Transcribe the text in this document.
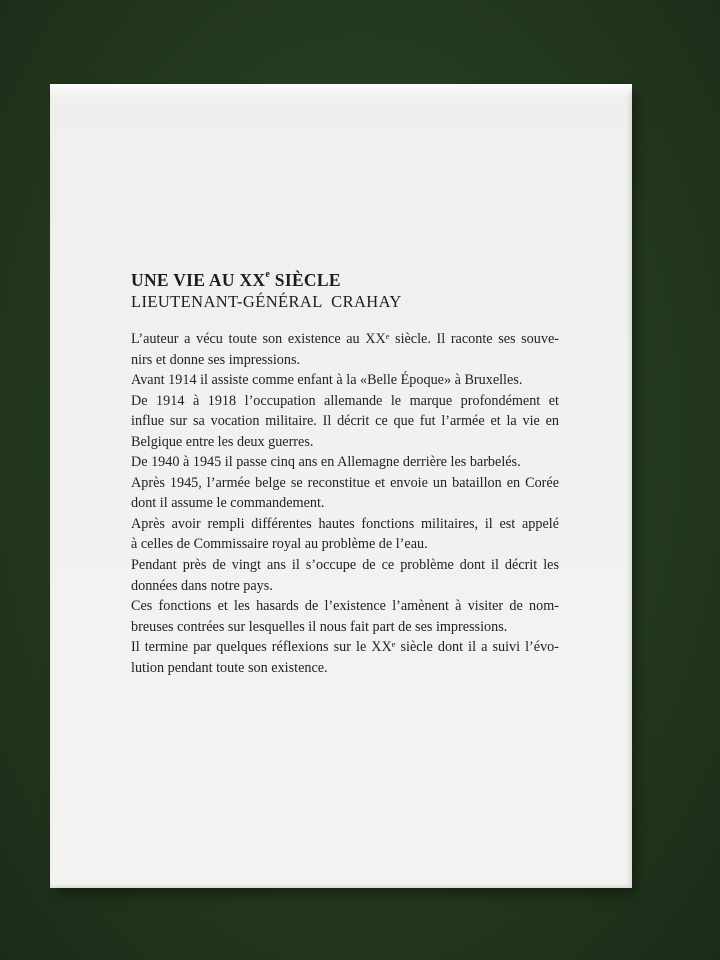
UNE VIE AU XXe SIÈCLE
LIEUTENANT-GÉNÉRAL  CRAHAY
L’auteur a vécu toute son existence au XXᵉ siècle. Il raconte ses souve-
nirs et donne ses impressions.
Avant 1914 il assiste comme enfant à la «Belle Époque» à Bruxelles.
De 1914 à 1918 l’occupation allemande le marque profondément et
influe sur sa vocation militaire. Il décrit ce que fut l’armée et la vie en
Belgique entre les deux guerres.
De 1940 à 1945 il passe cinq ans en Allemagne derrière les barbelés.
Après 1945, l’armée belge se reconstitue et envoie un bataillon en Corée
dont il assume le commandement.
Après avoir rempli différentes hautes fonctions militaires, il est appelé
à celles de Commissaire royal au problème de l’eau.
Pendant près de vingt ans il s’occupe de ce problème dont il décrit les
données dans notre pays.
Ces fonctions et les hasards de l’existence l’amènent à visiter de nom-
breuses contrées sur lesquelles il nous fait part de ses impressions.
Il termine par quelques réflexions sur le XXᵉ siècle dont il a suivi l’évo-
lution pendant toute son existence.
